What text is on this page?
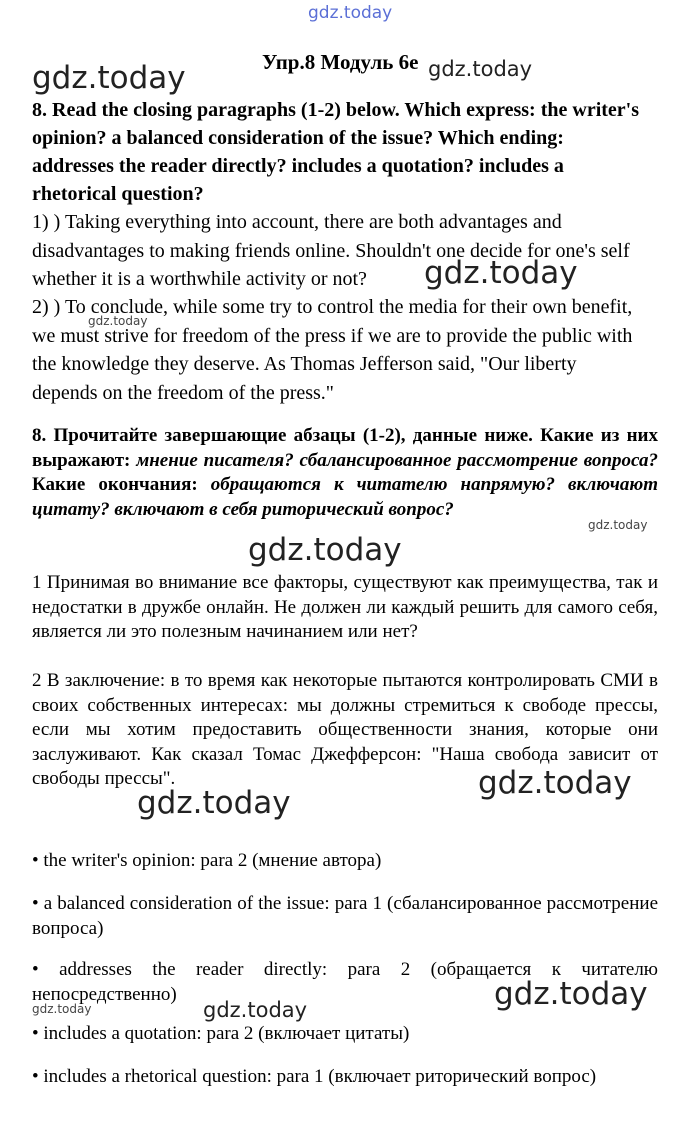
gdz.today
gdz.today	gdz.today
gdz.today
gdz.today
gdz.today
gdz.today
gdz.today
gdz.today
gdz.today
gdz.today
gdz.today
Упр.8 Модуль 6е

8. Read the closing paragraphs (1-2) below. Which express: the writer's opinion? a balanced consideration of the issue? Which ending: addresses the reader directly? includes a quotation? includes a rhetorical question?

1) ) Taking everything into account, there are both advantages and disadvantages to making friends online. Shouldn't one decide for one's self whether it is a worthwhile activity or not?

2) ) To conclude, while some try to control the media for their own benefit, we must strive for freedom of the press if we are to provide the public with the knowledge they deserve. As Thomas Jefferson said, "Our liberty depends on the freedom of the press."

8. Прочитайте завершающие абзацы (1-2), данные ниже. Какие из них выражают: мнение писателя? сбалансированное рассмотрение вопроса? Какие окончания: обращаются к читателю напрямую? включают цитату? включают в себя риторический вопрос?

1 Принимая во внимание все факторы, существуют как преимущества, так и недостатки в дружбе онлайн. Не должен ли каждый решить для самого себя, является ли это полезным начинанием или нет?

2 В заключение: в то время как некоторые пытаются контролировать СМИ в своих собственных интересах: мы должны стремиться к свободе прессы, если мы хотим предоставить общественности знания, которые они заслуживают. Как сказал Томас Джефферсон: "Наша свобода зависит от свободы прессы".

• the writer's opinion: para 2 (мнение автора)

• a balanced consideration of the issue: para 1 (сбалансированное рассмотрение вопроса)

• addresses the reader directly: para 2 (обращается к читателю непосредственно)

• includes a quotation: para 2 (включает цитаты)

• includes a rhetorical question: para 1 (включает риторический вопрос)
